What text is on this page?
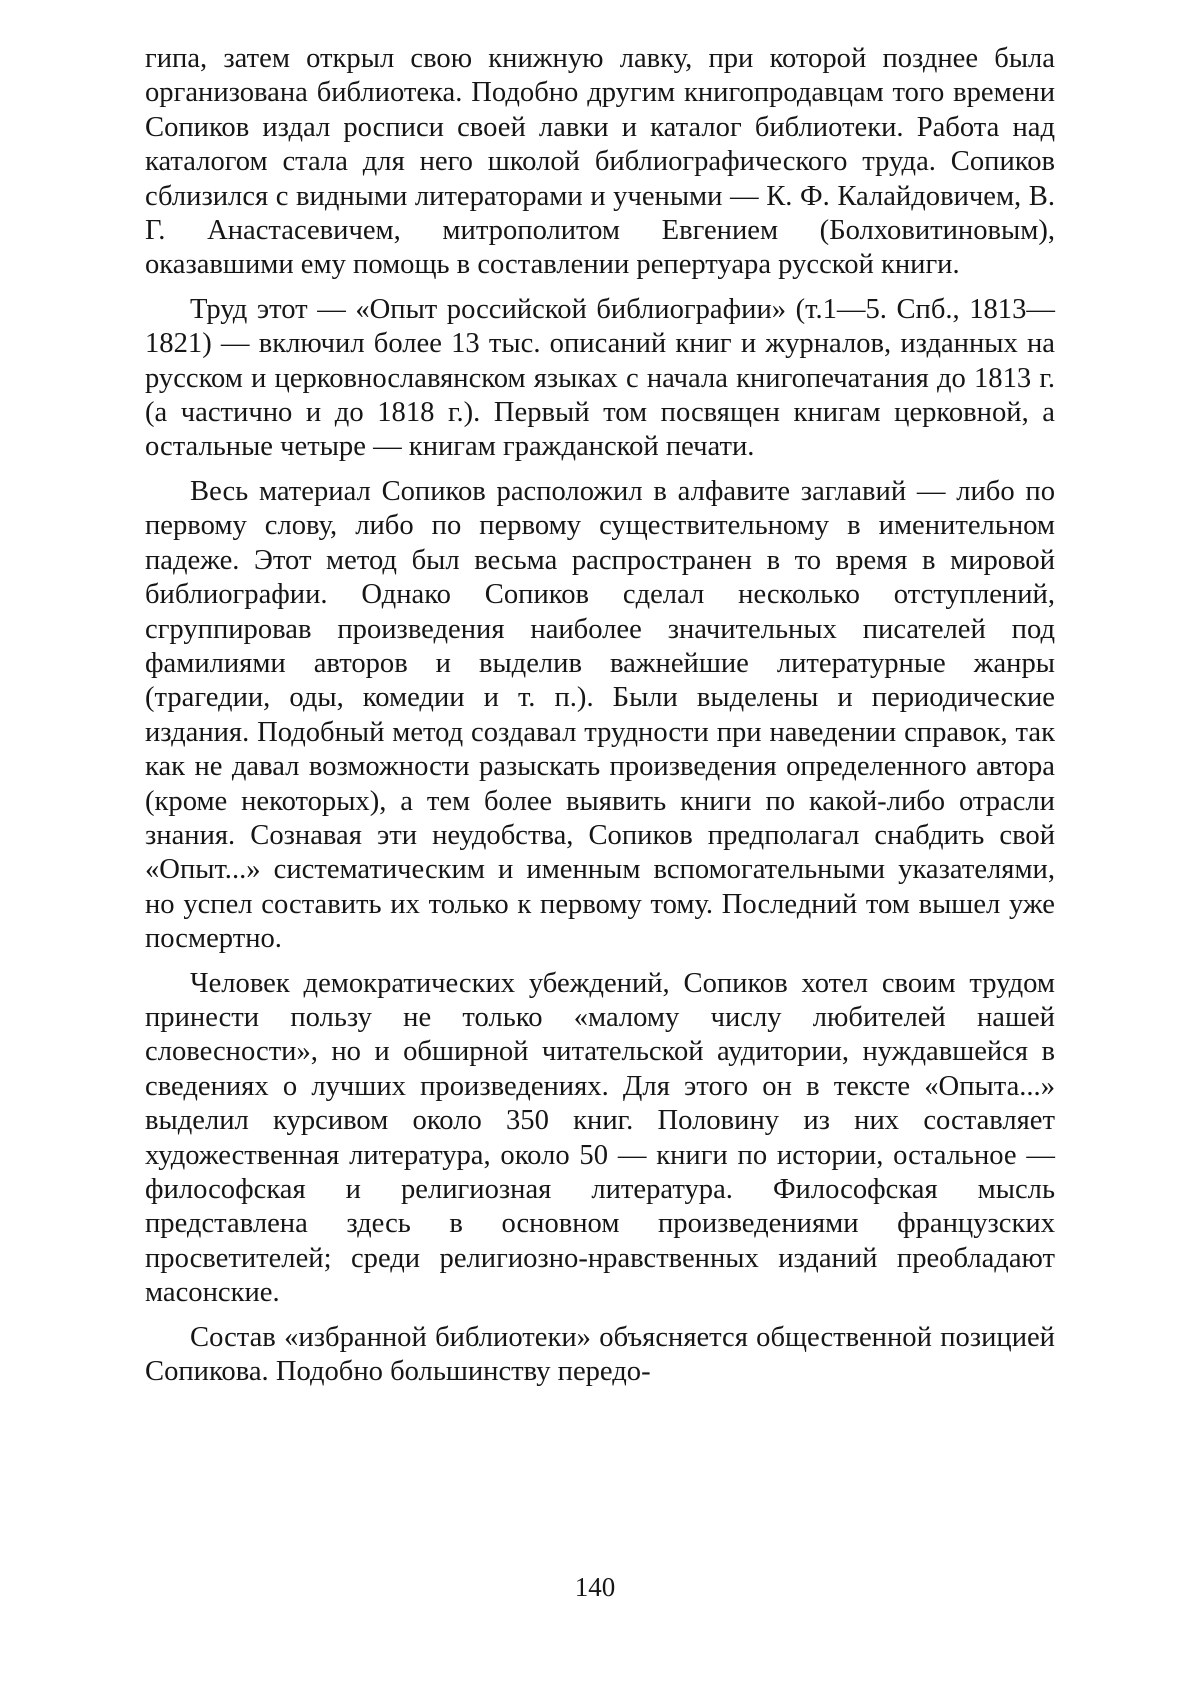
гипа, затем открыл свою книжную лавку, при которой позднее была организована библиотека. Подобно другим книгопродавцам того времени Сопиков издал росписи своей лавки и каталог библиотеки. Работа над каталогом стала для него школой библиографического труда. Сопиков сблизился с видными литераторами и учеными — К. Ф. Калайдовичем, В. Г. Анастасевичем, митрополитом Евгением (Болховитиновым), оказавшими ему помощь в составлении репертуара русской книги.

Труд этот — «Опыт российской библиографии» (т.1—5. Спб., 1813—1821) — включил более 13 тыс. описаний книг и журналов, изданных на русском и церковнославянском языках с начала книгопечатания до 1813 г. (а частично и до 1818 г.). Первый том посвящен книгам церковной, а остальные четыре — книгам гражданской печати.

Весь материал Сопиков расположил в алфавите заглавий — либо по первому слову, либо по первому существительному в именительном падеже. Этот метод был весьма распространен в то время в мировой библиографии. Однако Сопиков сделал несколько отступлений, сгруппировав произведения наиболее значительных писателей под фамилиями авторов и выделив важнейшие литературные жанры (трагедии, оды, комедии и т. п.). Были выделены и периодические издания. Подобный метод создавал трудности при наведении справок, так как не давал возможности разыскать произведения определенного автора (кроме некоторых), а тем более выявить книги по какой-либо отрасли знания. Сознавая эти неудобства, Сопиков предполагал снабдить свой «Опыт...» систематическим и именным вспомогательными указателями, но успел составить их только к первому тому. Последний том вышел уже посмертно.

Человек демократических убеждений, Сопиков хотел своим трудом принести пользу не только «малому числу любителей нашей словесности», но и обширной читательской аудитории, нуждавшейся в сведениях о лучших произведениях. Для этого он в тексте «Опыта...» выделил курсивом около 350 книг. Половину из них составляет художественная литература, около 50 — книги по истории, остальное — философская и религиозная литература. Философская мысль представлена здесь в основном произведениями французских просветителей; среди религиозно-нравственных изданий преобладают масонские.

Состав «избранной библиотеки» объясняется общественной позицией Сопикова. Подобно большинству передо-

140
